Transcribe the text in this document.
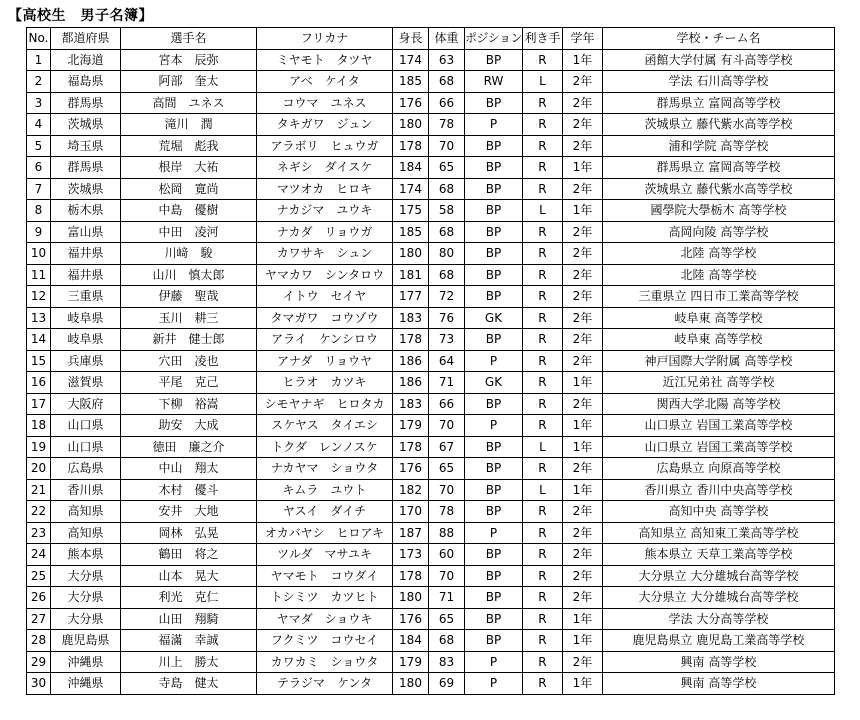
【高校生　男子名簿】
No.	都道府県	選手名	フリカナ	身長	体重	ポジション	利き手	学年	学校・チーム名
1	北海道	宮本　辰弥	ミヤモト　タツヤ	174	63	BP	R	1年	函館大学付属 有斗高等学校
2	福島県	阿部　奎太	アベ　ケイタ	185	68	RW	L	2年	学法 石川高等学校
3	群馬県	高間　ユネス	コウマ　ユネス	176	66	BP	R	2年	群馬県立 富岡高等学校
4	茨城県	滝川　潤	タキガワ　ジュン	180	78	P	R	2年	茨城県立 藤代紫水高等学校
5	埼玉県	荒堀　彪我	アラボリ　ヒュウガ	178	70	BP	R	2年	浦和学院 高等学校
6	群馬県	根岸　大祐	ネギシ　ダイスケ	184	65	BP	R	1年	群馬県立 富岡高等学校
7	茨城県	松岡　寛尚	マツオカ　ヒロキ	174	68	BP	R	2年	茨城県立 藤代紫水高等学校
8	栃木県	中島　優樹	ナカジマ　ユウキ	175	58	BP	L	1年	國學院大學栃木 高等学校
9	富山県	中田　凌河	ナカダ　リョウガ	185	68	BP	R	2年	高岡向陵 高等学校
10	福井県	川﨑　駿	カワサキ　シュン	180	80	BP	R	2年	北陸 高等学校
11	福井県	山川　慎太郎	ヤマカワ　シンタロウ	181	68	BP	R	2年	北陸 高等学校
12	三重県	伊藤　聖哉	イトウ　セイヤ	177	72	BP	R	2年	三重県立 四日市工業高等学校
13	岐阜県	玉川　耕三	タマガワ　コウゾウ	183	76	GK	R	2年	岐阜東 高等学校
14	岐阜県	新井　健士郎	アライ　ケンシロウ	178	73	BP	R	2年	岐阜東 高等学校
15	兵庫県	穴田　凌也	アナダ　リョウヤ	186	64	P	R	2年	神戸国際大学附属 高等学校
16	滋賀県	平尾　克己	ヒラオ　カツキ	186	71	GK	R	1年	近江兄弟社 高等学校
17	大阪府	下柳　裕嵩	シモヤナギ　ヒロタカ	183	66	BP	R	2年	関西大学北陽 高等学校
18	山口県	助安　大成	スケヤス　タイエシ	179	70	P	R	1年	山口県立 岩国工業高等学校
19	山口県	徳田　廉之介	トクダ　レンノスケ	178	67	BP	L	1年	山口県立 岩国工業高等学校
20	広島県	中山　翔太	ナカヤマ　ショウタ	176	65	BP	R	2年	広島県立 向原高等学校
21	香川県	木村　優斗	キムラ　ユウト	182	70	BP	L	1年	香川県立 香川中央高等学校
22	高知県	安井　大地	ヤスイ　ダイチ	170	78	BP	R	2年	高知中央 高等学校
23	高知県	岡林　弘晃	オカバヤシ　ヒロアキ	187	88	P	R	2年	高知県立 高知東工業高等学校
24	熊本県	鶴田　将之	ツルダ　マサユキ	173	60	BP	R	2年	熊本県立 天草工業高等学校
25	大分県	山本　晃大	ヤマモト　コウダイ	178	70	BP	R	2年	大分県立 大分雄城台高等学校
26	大分県	利光　克仁	トシミツ　カツヒト	180	71	BP	R	2年	大分県立 大分雄城台高等学校
27	大分県	山田　翔騎	ヤマダ　ショウキ	176	65	BP	R	1年	学法 大分高等学校
28	鹿児島県	福滿　幸誠	フクミツ　コウセイ	184	68	BP	R	1年	鹿児島県立 鹿児島工業高等学校
29	沖縄県	川上　勝太	カワカミ　ショウタ	179	83	P	R	2年	興南 高等学校
30	沖縄県	寺島　健太	テラジマ　ケンタ	180	69	P	R	1年	興南 高等学校
